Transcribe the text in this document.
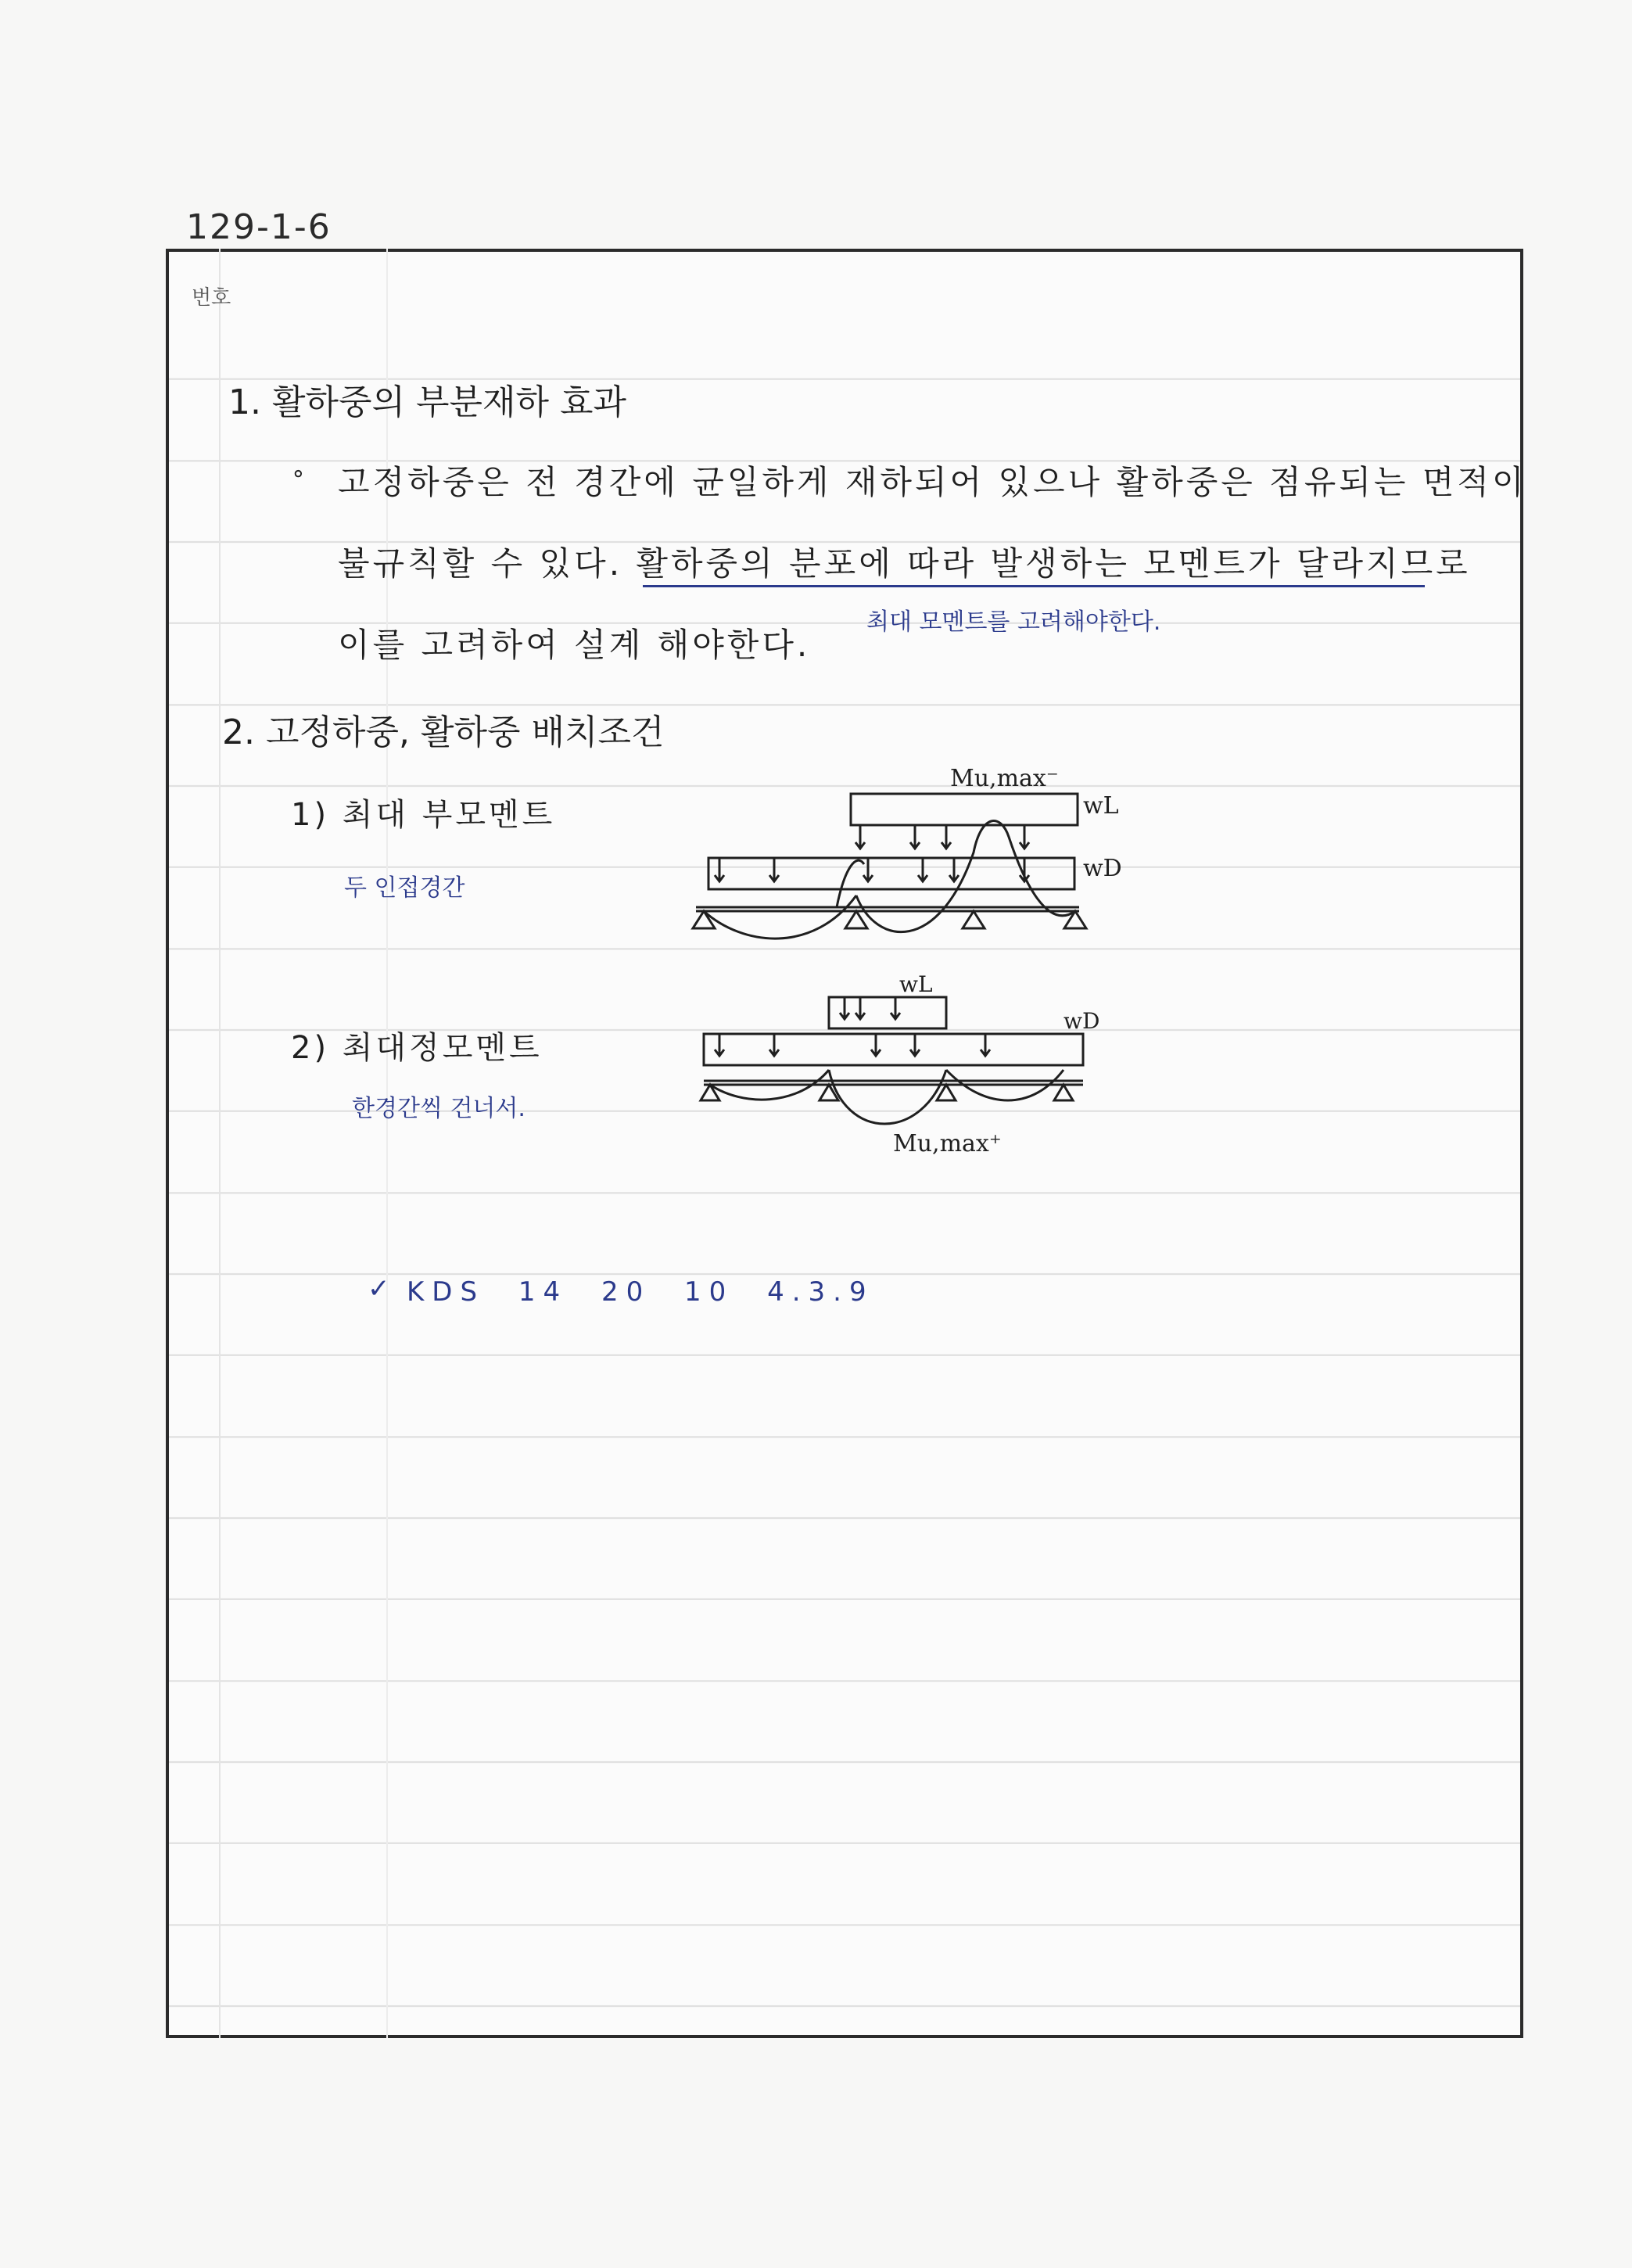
129-1-6
번호
1. 활하중의 부분재하 효과
∘ 고정하중은 전 경간에 균일하게 재하되어 있으나 활하중은 점유되는 면적이
불규칙할 수 있다. 활하중의 분포에 따라 발생하는 모멘트가 달라지므로
이를 고려하여 설계 해야한다.
최대 모멘트를 고려해야한다.
2. 고정하중, 활하중 배치조건
1) 최대 부모멘트
두 인접경간
2) 최대정모멘트
한경간씩 건너서.
Mu,max⁻
wL
wD
wL
wD
Mu,max⁺
✓ KDS 14 20 10 4.3.9
